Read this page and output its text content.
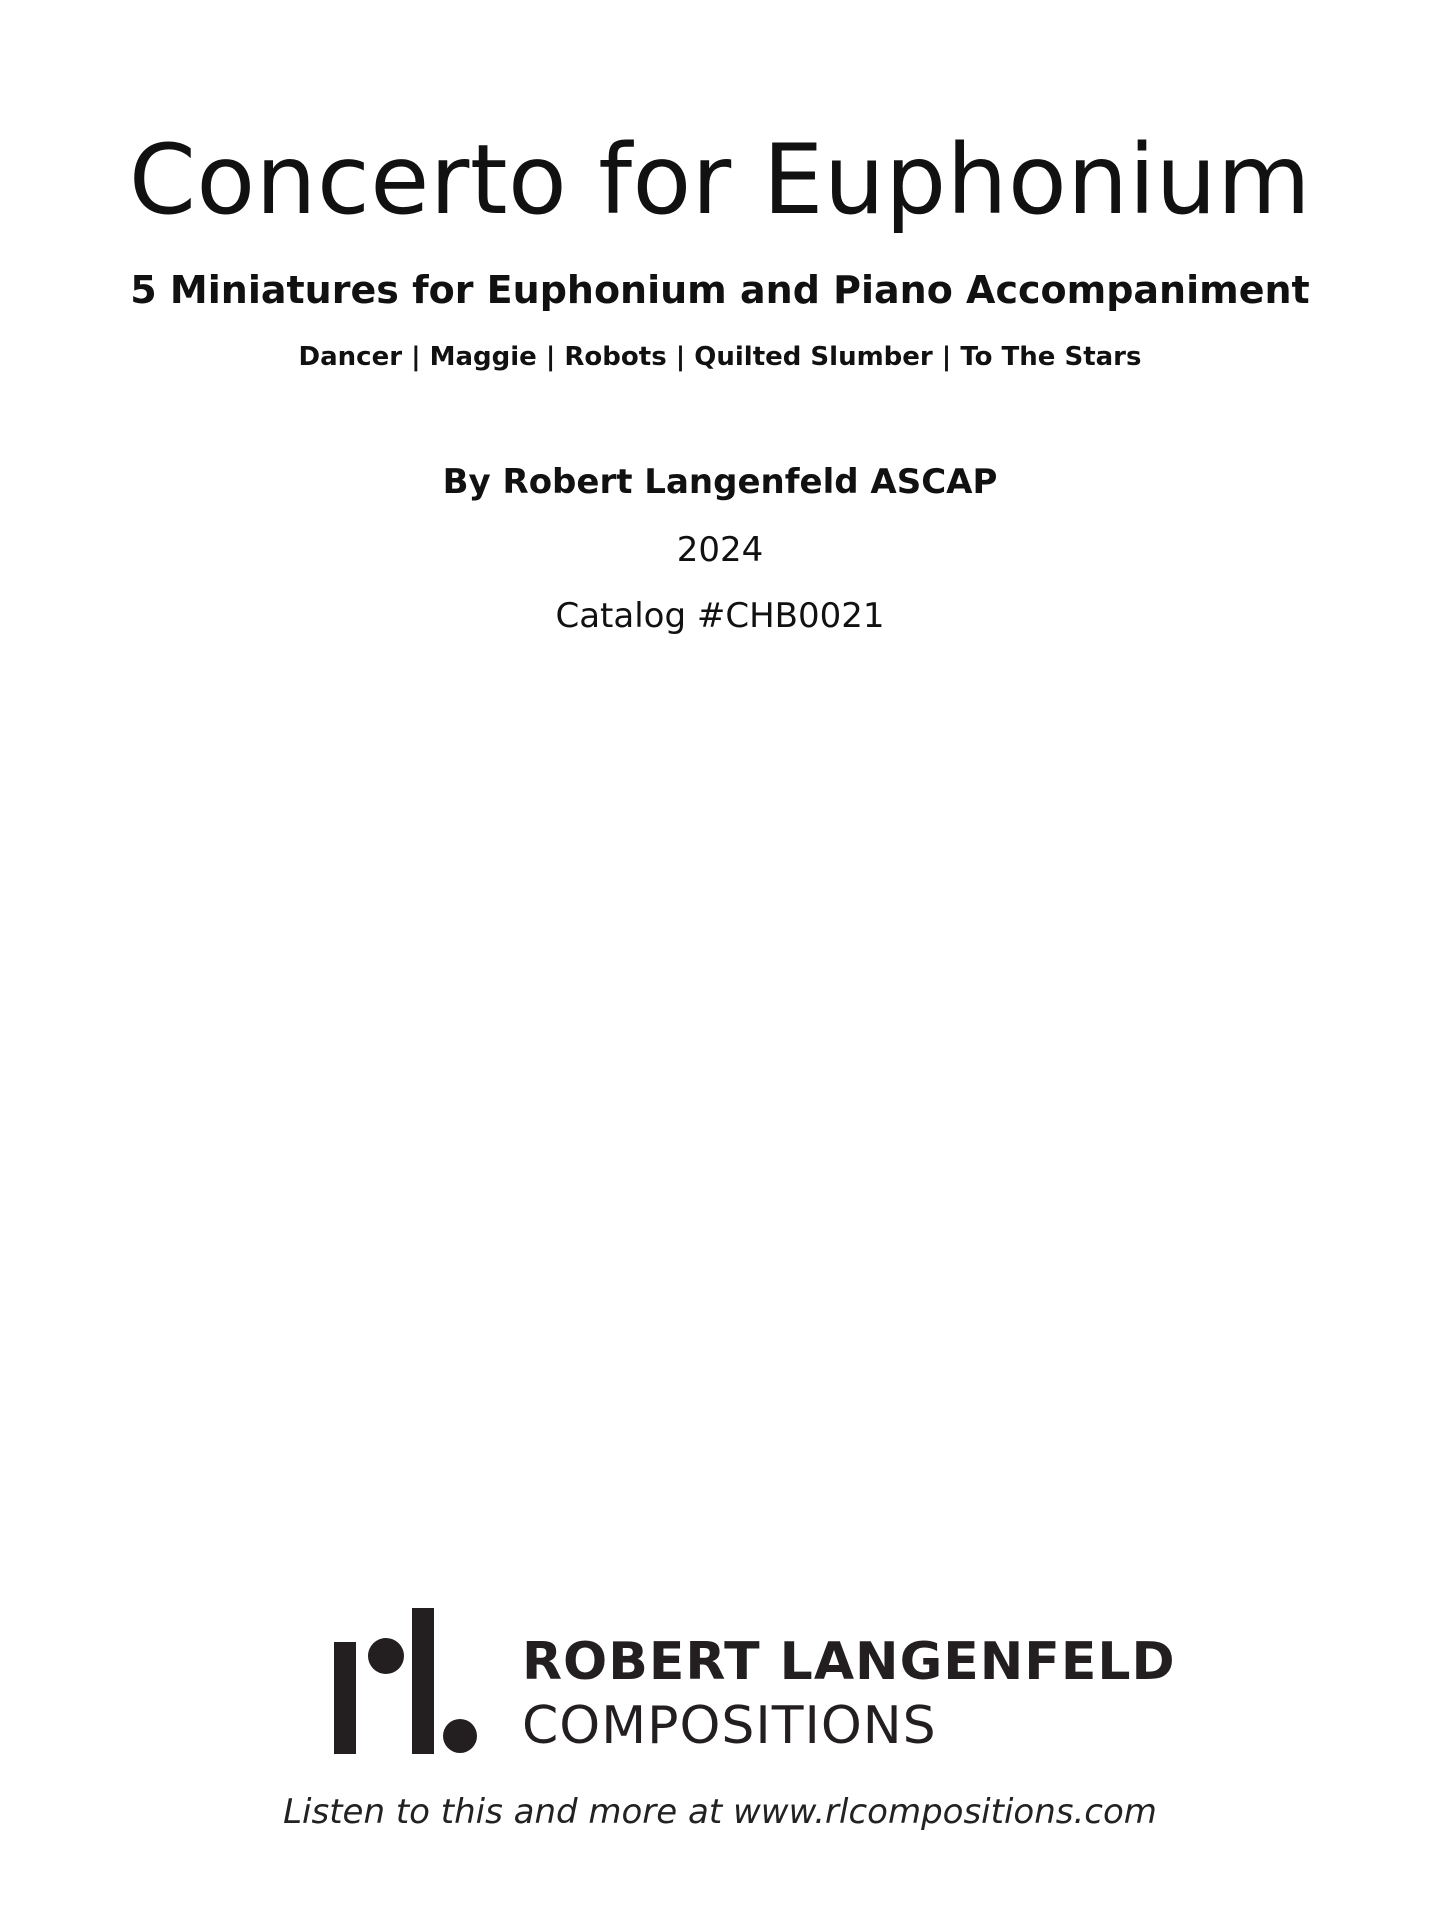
Concerto for Euphonium

5 Miniatures for Euphonium and Piano Accompaniment

Dancer | Maggie | Robots | Quilted Slumber | To The Stars

By Robert Langenfeld ASCAP

2024

Catalog #CHB0021

ROBERT LANGENFELD
COMPOSITIONS
Listen to this and more at www.rlcompositions.com
